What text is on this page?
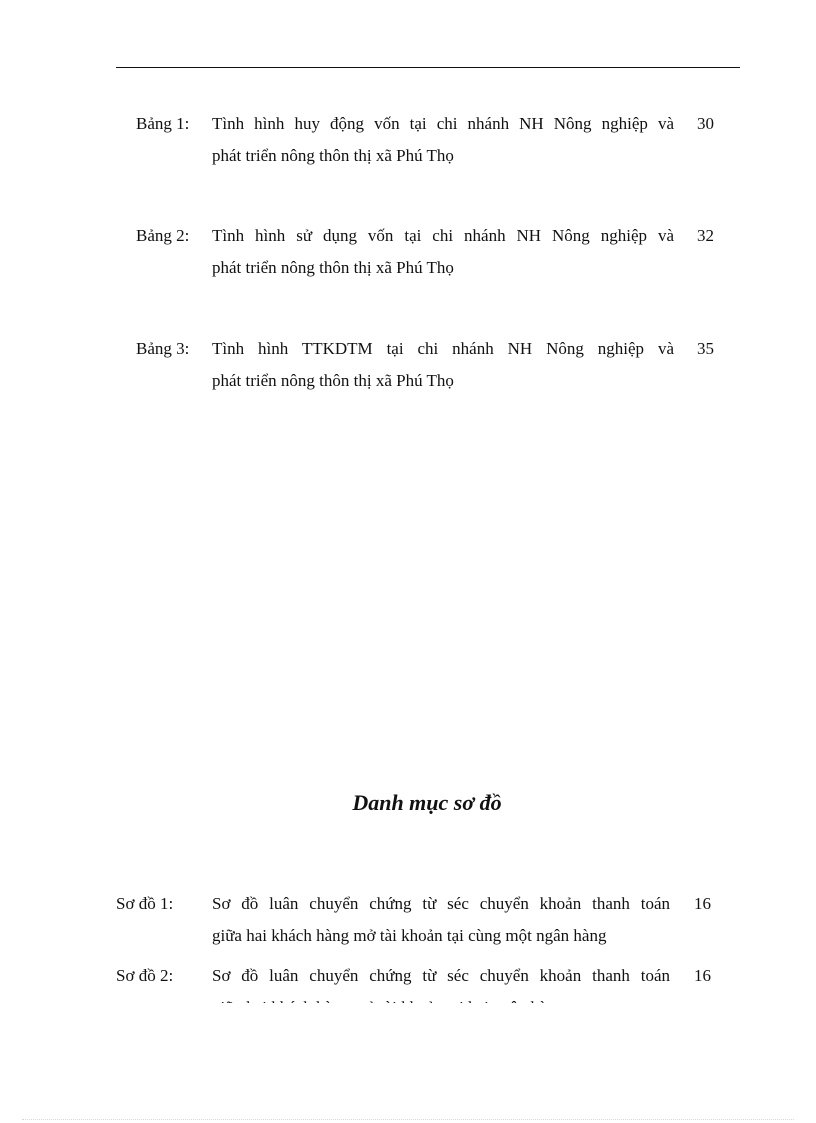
Bảng 1: Tình hình huy động vốn tại chi nhánh NH Nông nghiệp và
phát triển nông thôn thị xã Phú Thọ
30
Bảng 2: Tình hình sử dụng vốn tại chi nhánh NH Nông nghiệp và
phát triển nông thôn thị xã Phú Thọ
32
Bảng 3: Tình hình TTKDTM tại chi nhánh NH Nông nghiệp và
phát triển nông thôn thị xã Phú Thọ
35
Danh mục sơ đồ
Sơ đồ 1: Sơ đồ luân chuyển chứng từ séc chuyển khoản thanh toán
giữa hai khách hàng mở tài khoản tại cùng một ngân hàng
16
Sơ đồ 2: Sơ đồ luân chuyển chứng từ séc chuyển khoản thanh toán 16
